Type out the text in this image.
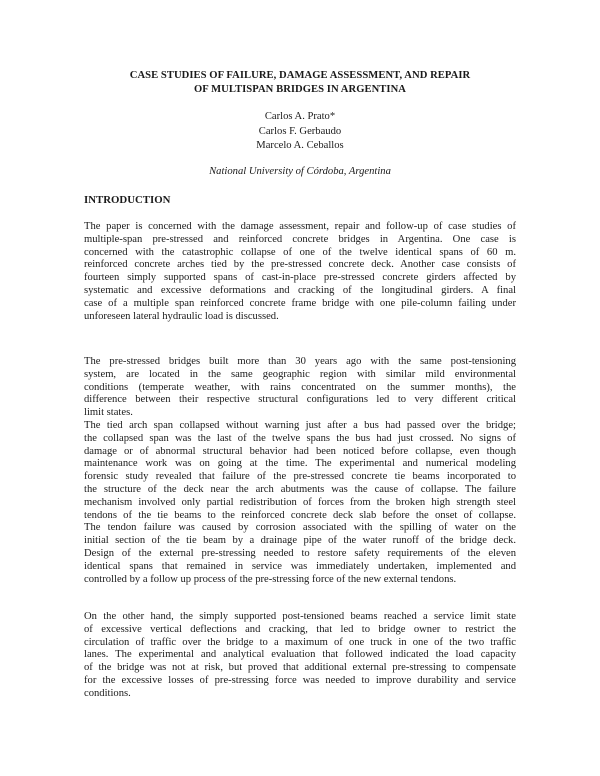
CASE STUDIES OF FAILURE, DAMAGE ASSESSMENT, AND REPAIR
OF MULTISPAN BRIDGES IN ARGENTINA
Carlos A. Prato*
Carlos F. Gerbaudo
Marcelo A. Ceballos
National University of Córdoba, Argentina
INTRODUCTION
The paper is concerned with the damage assessment, repair and follow-up of case studies of
multiple-span pre-stressed and reinforced concrete bridges in Argentina. One case is
concerned with the catastrophic collapse of one of the twelve identical spans of 60 m.
reinforced concrete arches tied by the pre-stressed concrete deck. Another case consists of
fourteen simply supported spans of cast-in-place pre-stressed concrete girders affected by
systematic and excessive deformations and cracking of the longitudinal girders. A final
case of a multiple span reinforced concrete frame bridge with one pile-column failing under
unforeseen lateral hydraulic load is discussed.
The pre-stressed bridges built more than 30 years ago with the same post-tensioning
system, are located in the same geographic region with similar mild environmental
conditions (temperate weather, with rains concentrated on the summer months), the
difference between their respective structural configurations led to very different critical
limit states.
The tied arch span collapsed without warning just after a bus had passed over the bridge;
the collapsed span was the last of the twelve spans the bus had just crossed. No signs of
damage or of abnormal structural behavior had been noticed before collapse, even though
maintenance work was on going at the time. The experimental and numerical modeling
forensic study revealed that failure of the pre-stressed concrete tie beams incorporated to
the structure of the deck near the arch abutments was the cause of collapse. The failure
mechanism involved only partial redistribution of forces from the broken high strength steel
tendons of the tie beams to the reinforced concrete deck slab before the onset of collapse.
The tendon failure was caused by corrosion associated with the spilling of water on the
initial section of the tie beam by a drainage pipe of the water runoff of the bridge deck.
Design of the external pre-stressing needed to restore safety requirements of the eleven
identical spans that remained in service was immediately undertaken, implemented and
controlled by a follow up process of the pre-stressing force of the new external tendons.
On the other hand, the simply supported post-tensioned beams reached a service limit state
of excessive vertical deflections and cracking, that led to bridge owner to restrict the
circulation of traffic over the bridge to a maximum of one truck in one of the two traffic
lanes. The experimental and analytical evaluation that followed indicated the load capacity
of the bridge was not at risk, but proved that additional external pre-stressing to compensate
for the excessive losses of pre-stressing force was needed to improve durability and service
conditions.
